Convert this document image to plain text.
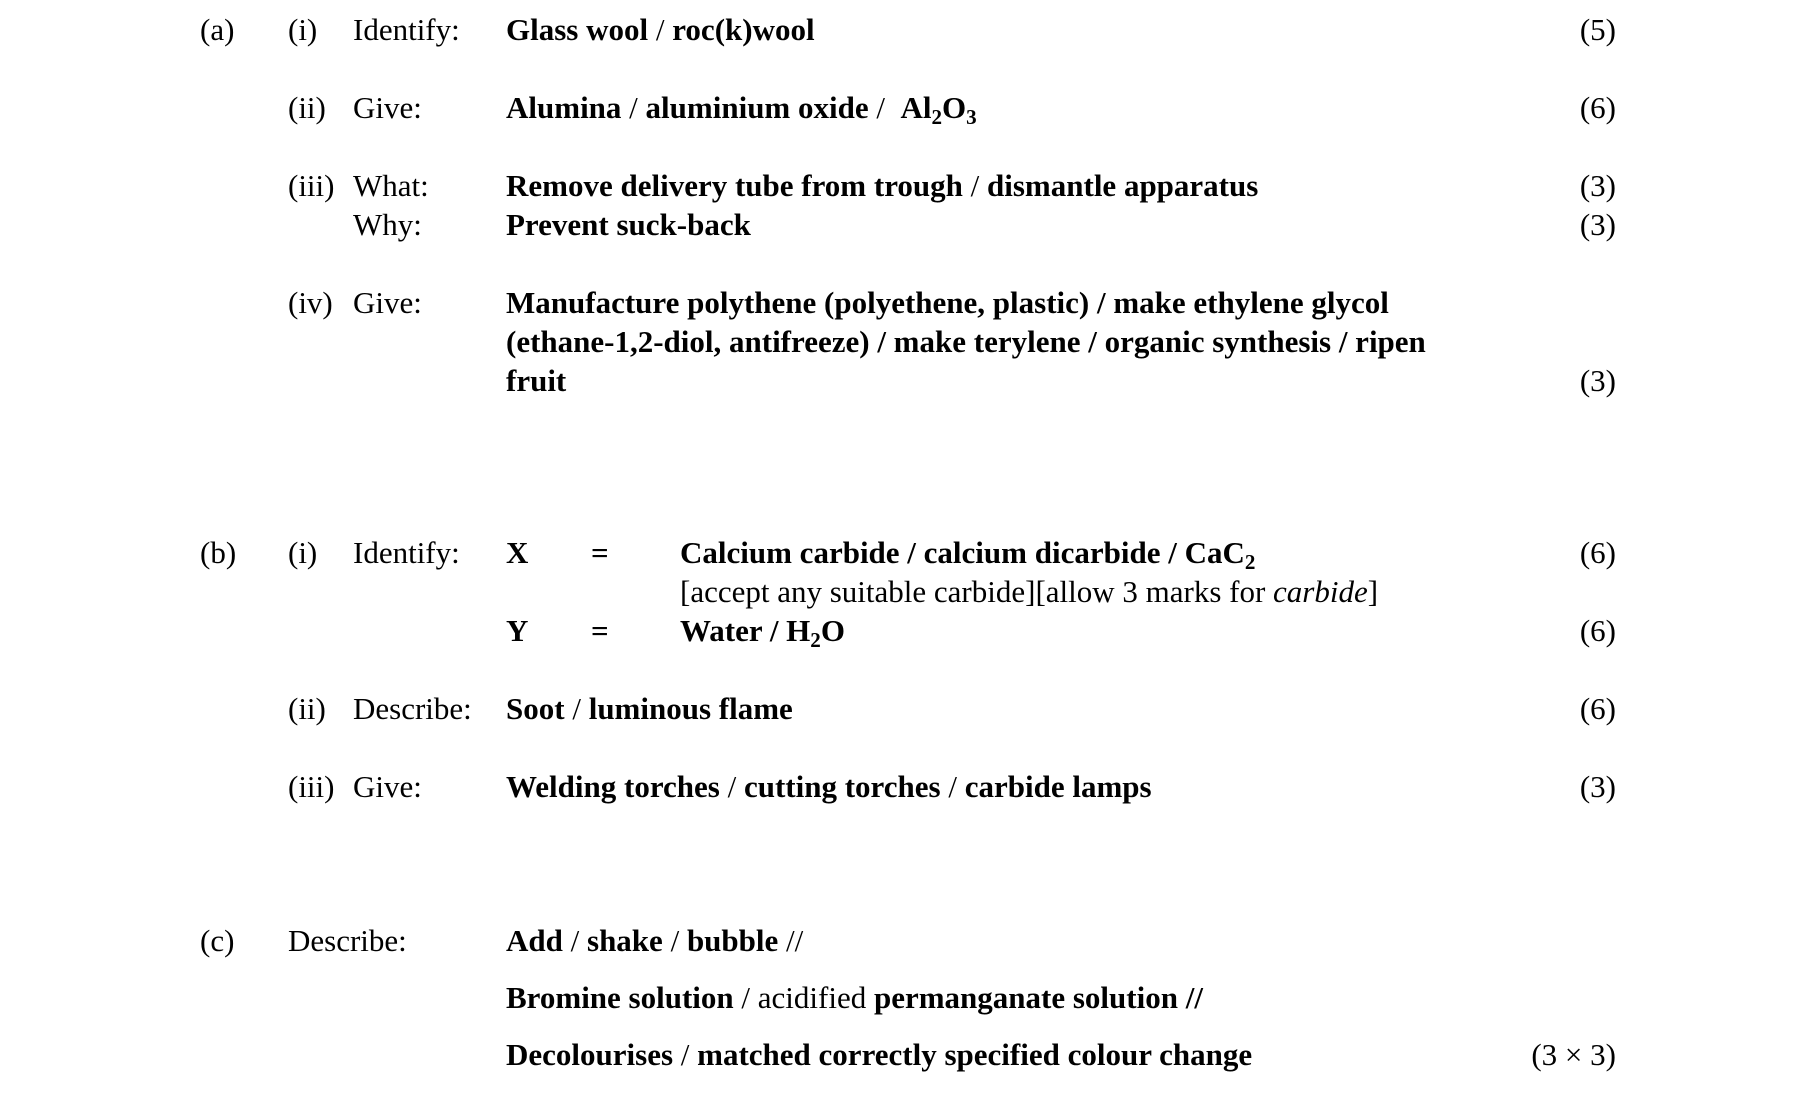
(a) (i) Identify: Glass wool / roc(k)wool	(5)
(ii) Give:	Alumina / aluminium oxide /  $Al_2O_3$	(6)
(iii) What: Remove delivery tube from trough / dismantle apparatus	(3)
Why:	Prevent suck-back	(3)
(iv) Give:	Manufacture polythene (polyethene, plastic) / make ethylene glycol
(ethane-1,2-diol, antifreeze) / make terylene / organic synthesis / ripen
fruit	(3)
(b) (i) Identify: X = Calcium carbide / calcium dicarbide / CaC$_2$	(6)
[accept any suitable carbide][allow 3 marks for carbide]
Y = Water / $H_2O$	(6)
(ii) Describe: Soot / luminous flame	(6)
(iii) Give:	Welding torches / cutting torches / carbide lamps	(3)
(c) Describe:	Add / shake / bubble //
Bromine solution / acidified permanganate solution //
Decolourises / matched correctly specified colour change	(3 × 3)
